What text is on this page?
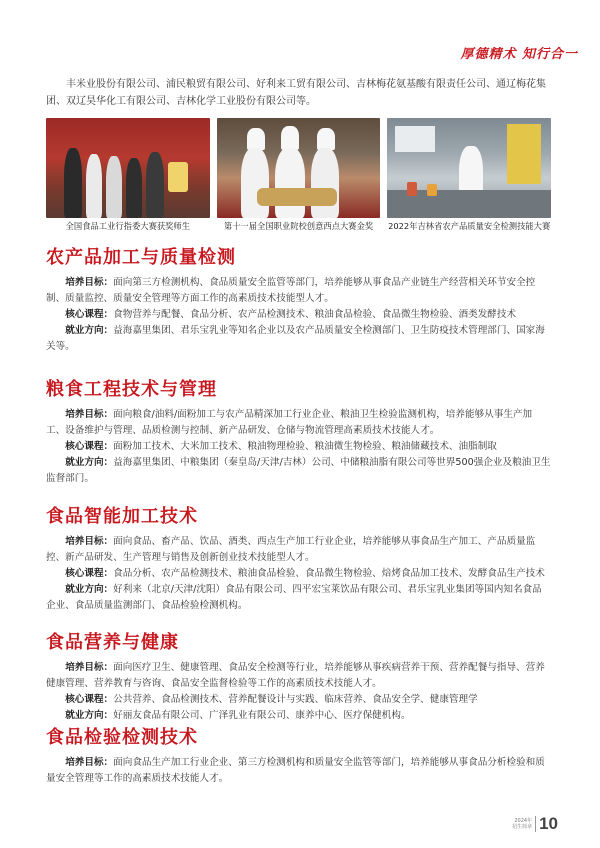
厚德精术 知行合一

丰米业股份有限公司、浦民粮贸有限公司、好利来工贸有限公司、吉林梅花氨基酸有限责任公司、通辽梅花集团、双辽昊华化工有限公司、吉林化学工业股份有限公司等。

全国食品工业行指委大赛获奖师生	第十一届全国职业院校创意西点大赛金奖	2022年吉林省农产品质量安全检测技能大赛
农产品加工与质量检测

培养目标：面向第三方检测机构、食品质量安全监管等部门，培养能够从事食品产业链生产经营相关环节安全控制、质量监控、质量安全管理等方面工作的高素质技术技能型人才。

核心课程：食物营养与配餐、食品分析、农产品检测技术、粮油食品检验、食品微生物检验、酒类发酵技术

就业方向：益海嘉里集团、君乐宝乳业等知名企业以及农产品质量安全检测部门、卫生防疫技术管理部门、国家海关等。

粮食工程技术与管理

培养目标：面向粮食/油料/面粉加工与农产品精深加工行业企业、粮油卫生检验监测机构，培养能够从事生产加工、设备维护与管理、品质检测与控制、新产品研发、仓储与物流管理高素质技术技能人才。

核心课程：面粉加工技术、大米加工技术、粮油物理检验、粮油微生物检验、粮油储藏技术、油脂制取

就业方向：益海嘉里集团、中粮集团（秦皇岛/天津/吉林）公司、中储粮油脂有限公司等世界500强企业及粮油卫生监督部门。

食品智能加工技术

培养目标：面向食品、畜产品、饮品、酒类、西点生产加工行业企业，培养能够从事食品生产加工、产品质量监控、新产品研发、生产管理与销售及创新创业技术技能型人才。

核心课程：食品分析、农产品检测技术、粮油食品检验、食品微生物检验、焙烤食品加工技术、发酵食品生产技术

就业方向：好利来（北京/天津/沈阳）食品有限公司、四平宏宝莱饮品有限公司、君乐宝乳业集团等国内知名食品企业、食品质量监测部门、食品检验检测机构。

食品营养与健康

培养目标：面向医疗卫生、健康管理、食品安全检测等行业，培养能够从事疾病营养干预、营养配餐与指导、营养健康管理、营养教育与咨询、食品安全监督检验等工作的高素质技术技能人才。

核心课程：公共营养、食品检测技术、营养配餐设计与实践、临床营养、食品安全学、健康管理学

就业方向：好丽友食品有限公司、广泽乳业有限公司、康养中心、医疗保健机构。

食品检验检测技术

培养目标：面向食品生产加工行业企业、第三方检测机构和质量安全监管等部门，培养能够从事食品分析检验和质量安全管理等工作的高素质技术技能人才。

2024年
招生简章 10
